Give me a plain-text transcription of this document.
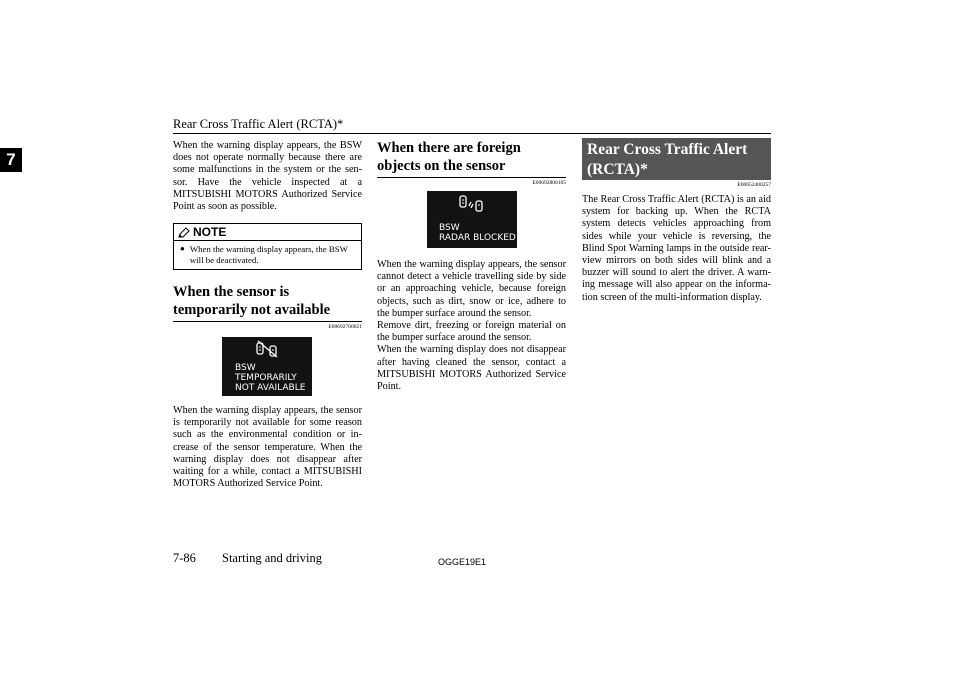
Rear Cross Traffic Alert (RCTA)*
7

When the warning display appears, the BSW does not operate normally because there are some malfunctions in the system or the sen-sor. Have the vehicle inspected at a MITSUBISHI MOTORS Authorized Service Point as soon as possible.

NOTE
● When the warning display appears, the BSW will be deactivated.
When the sensor is temporarily not available
E00692700021
BSW
TEMPORARILY
NOT AVAILABLE

When the warning display appears, the sensor is temporarily not available for some reason such as the environmental condition or in-crease of the sensor temperature. When the warning display does not disappear after waiting for a while, contact a MITSUBISHI MOTORS Authorized Service Point.

When there are foreign objects on the sensor
E00692800165
BSW
RADAR BLOCKED

When the warning display appears, the sensor cannot detect a vehicle travelling side by side or an approaching vehicle, because foreign objects, such as dirt, snow or ice, adhere to the bumper surface around the sensor.

Remove dirt, freezing or foreign material on the bumper surface around the sensor.

When the warning display does not disappear after having cleaned the sensor, contact a MITSUBISHI MOTORS Authorized Service Point.

Rear Cross Traffic Alert (RCTA)*
E00652400257

The Rear Cross Traffic Alert (RCTA) is an aid system for backing up. When the RCTA system detects vehicles approaching from sides while your vehicle is reversing, the Blind Spot Warning lamps in the outside rear-view mirrors on both sides will blink and a buzzer will sound to alert the driver. A warn-ing message will also appear on the informa-tion screen of the multi-information display.

7-86 Starting and driving	OGGE19E1
